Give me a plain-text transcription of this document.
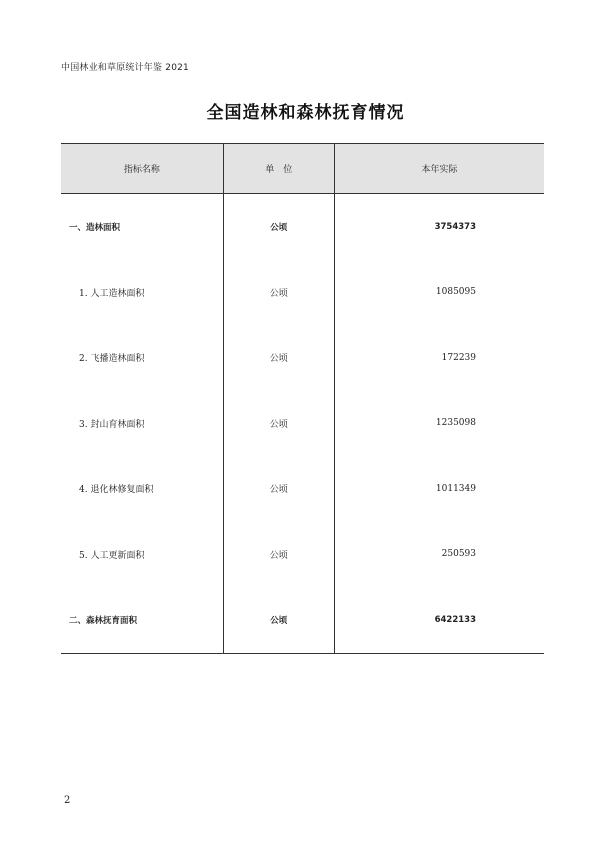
中国林业和草原统计年鉴 2021
全国造林和森林抚育情况
指标名称	单　位	本年实际
一、造林面积	公顷	3754373
1. 人工造林面积	公顷	1085095
2. 飞播造林面积	公顷	172239
3. 封山育林面积	公顷	1235098
4. 退化林修复面积	公顷	1011349
5. 人工更新面积	公顷	250593
二、森林抚育面积	公顷	6422133
2
